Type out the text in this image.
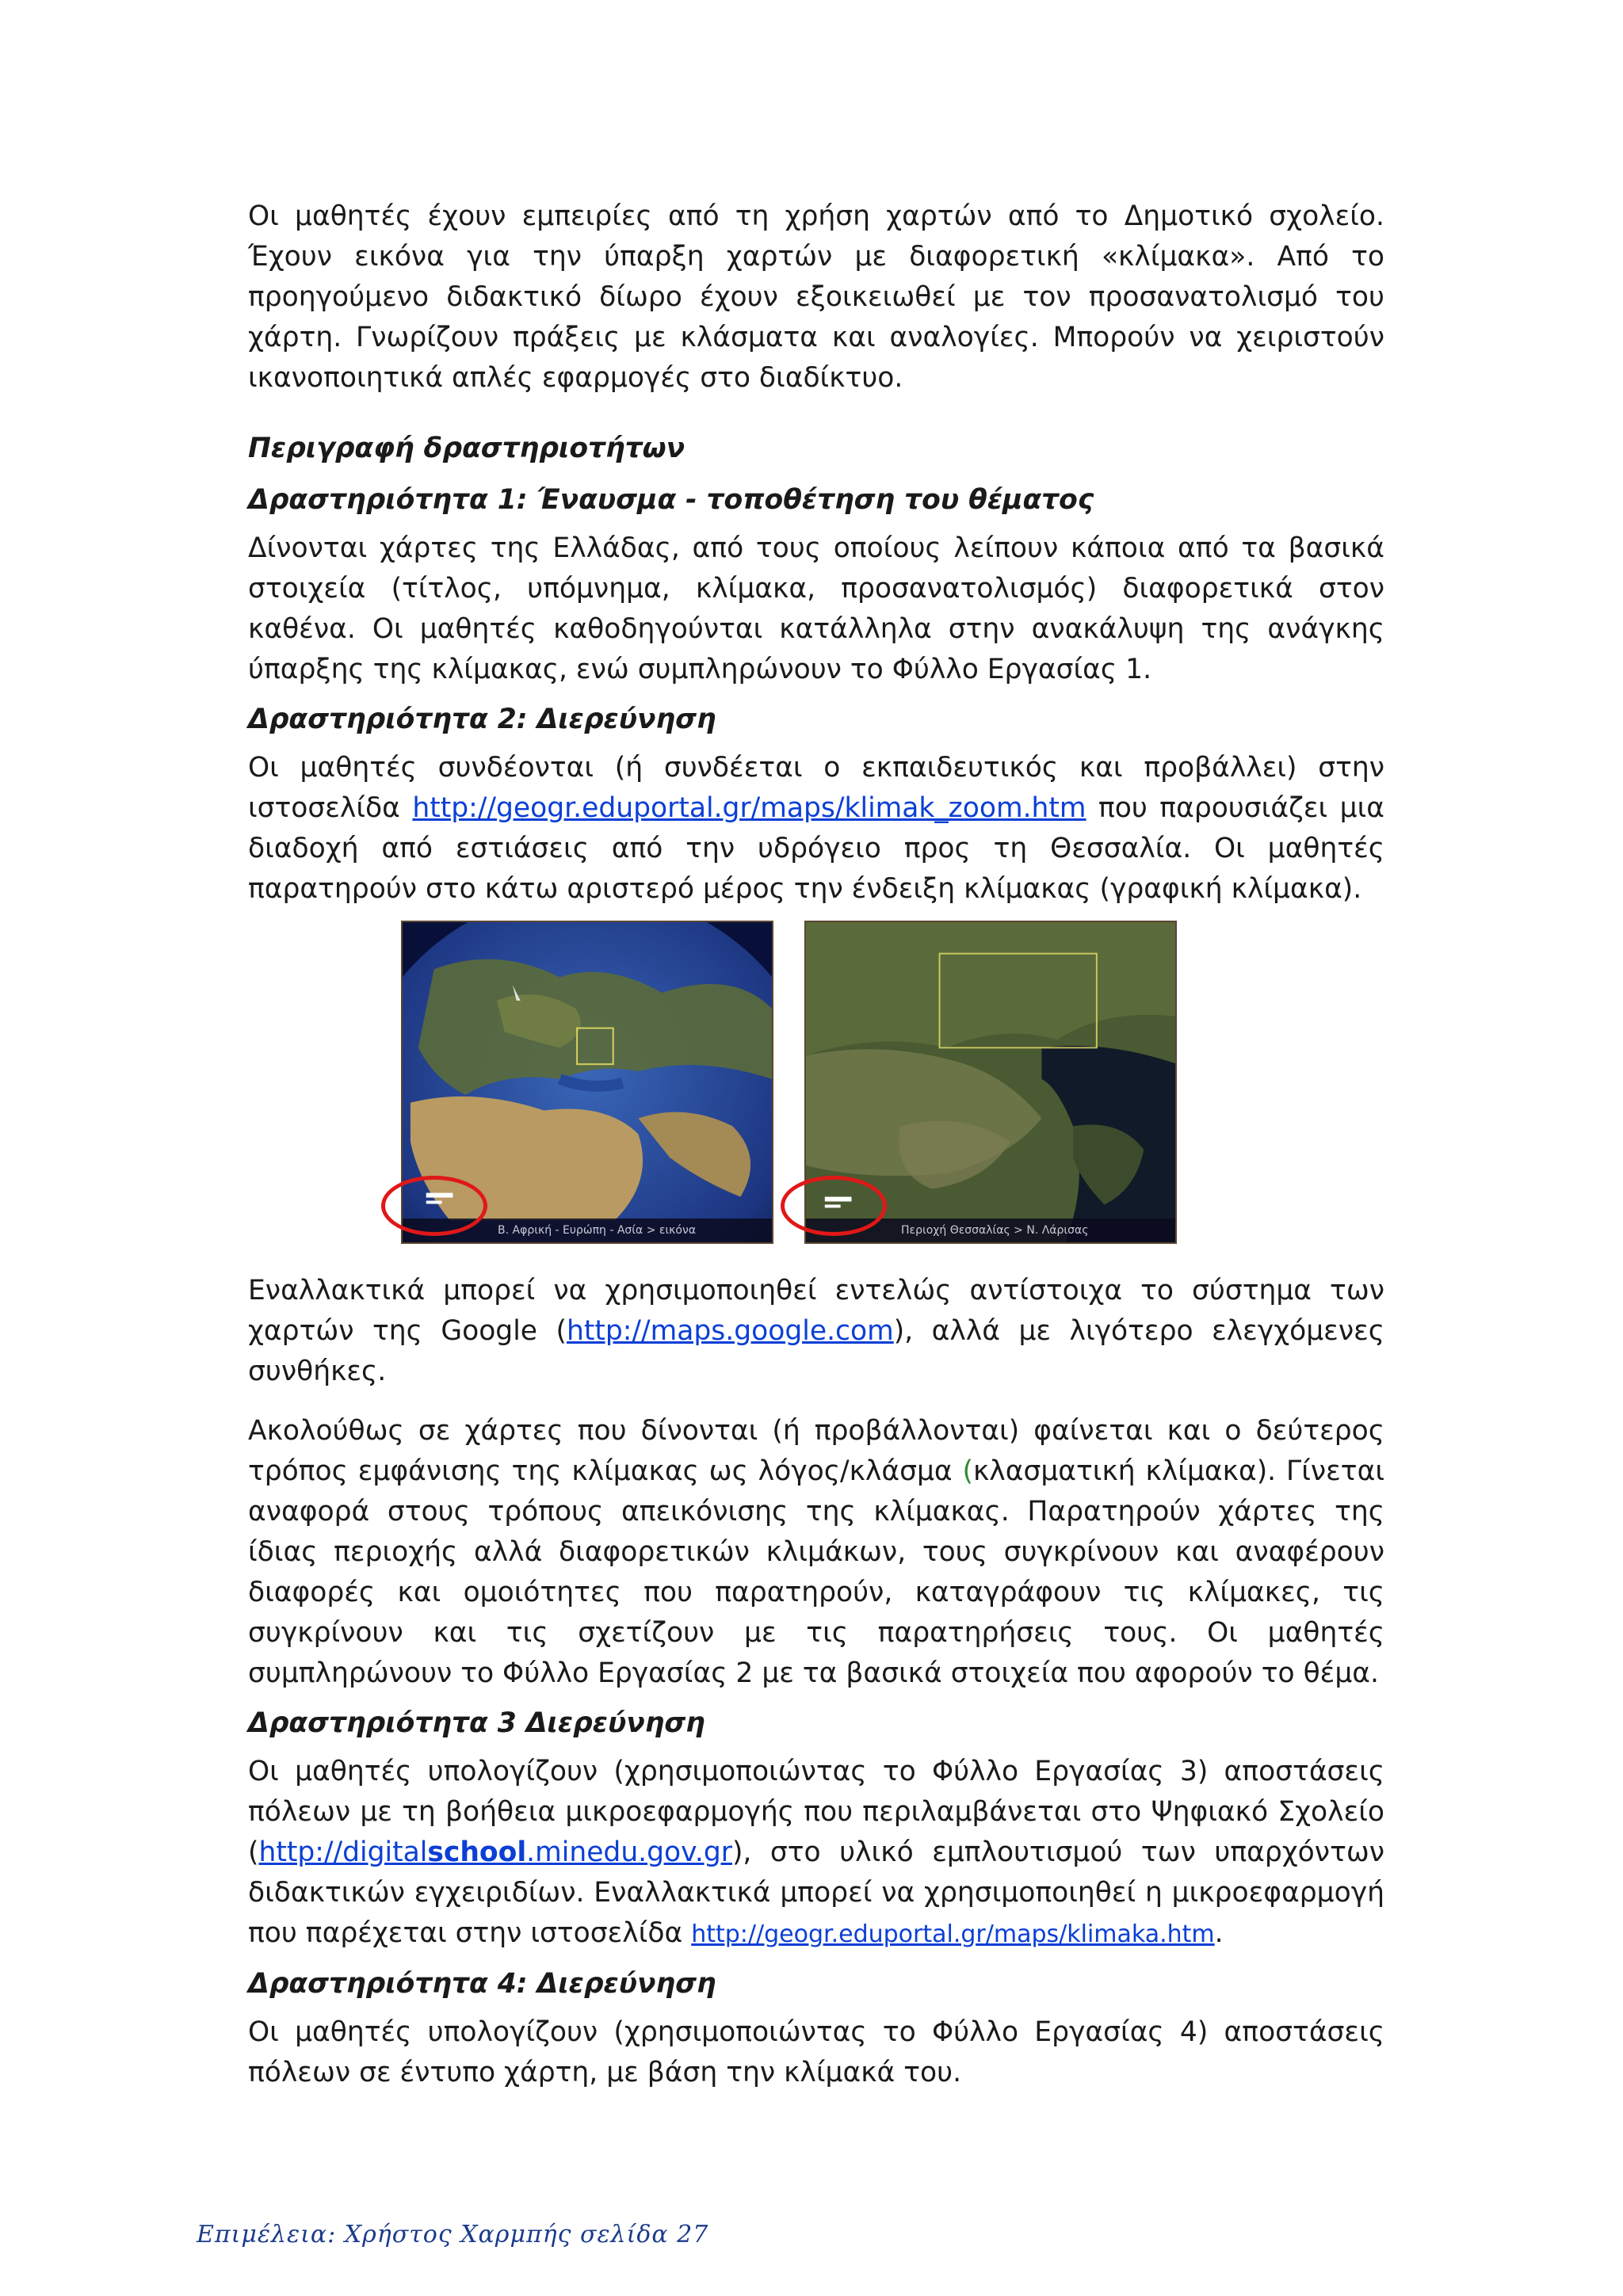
Οι μαθητές έχουν εμπειρίες από τη χρήση χαρτών από το Δημοτικό σχολείο. Έχουν εικόνα για την ύπαρξη χαρτών με διαφορετική «κλίμακα». Από το προηγούμενο διδακτικό δίωρο έχουν εξοικειωθεί με τον προσανατολισμό του χάρτη. Γνωρίζουν πράξεις με κλάσματα και αναλογίες. Μπορούν να χειριστούν ικανοποιητικά απλές εφαρμογές στο διαδίκτυο.

Περιγραφή δραστηριοτήτων

Δραστηριότητα 1: Έναυσμα - τοποθέτηση του θέματος

Δίνονται χάρτες της Ελλάδας, από τους οποίους λείπουν κάποια από τα βασικά στοιχεία (τίτλος, υπόμνημα, κλίμακα, προσανατολισμός) διαφορετικά στον καθένα. Οι μαθητές καθοδηγούνται κατάλληλα στην ανακάλυψη της ανάγκης ύπαρξης της κλίμακας, ενώ συμπληρώνουν το Φύλλο Εργασίας 1.

Δραστηριότητα 2: Διερεύνηση

Οι μαθητές συνδέονται (ή συνδέεται ο εκπαιδευτικός και προβάλλει) στην ιστοσελίδα http://geogr.eduportal.gr/maps/klimak_zoom.htm που παρουσιάζει μια διαδοχή από εστιάσεις από την υδρόγειο προς τη Θεσσαλία. Οι μαθητές παρατηρούν στο κάτω αριστερό μέρος την ένδειξη κλίμακας (γραφική κλίμακα).

Β. Αφρική - Ευρώπη - Ασία > εικόνα	Περιοχή Θεσσαλίας > Ν. Λάρισας

Εναλλακτικά μπορεί να χρησιμοποιηθεί εντελώς αντίστοιχα το σύστημα των χαρτών της Google (http://maps.google.com), αλλά με λιγότερο ελεγχόμενες συνθήκες.

Ακολούθως σε χάρτες που δίνονται (ή προβάλλονται) φαίνεται και ο δεύτερος τρόπος εμφάνισης της κλίμακας ως λόγος/κλάσμα (κλασματική κλίμακα). Γίνεται αναφορά στους τρόπους απεικόνισης της κλίμακας. Παρατηρούν χάρτες της ίδιας περιοχής αλλά διαφορετικών κλιμάκων, τους συγκρίνουν και αναφέρουν διαφορές και ομοιότητες που παρατηρούν, καταγράφουν τις κλίμακες, τις συγκρίνουν και τις σχετίζουν με τις παρατηρήσεις τους. Οι μαθητές συμπληρώνουν το Φύλλο Εργασίας 2 με τα βασικά στοιχεία που αφορούν το θέμα.

Δραστηριότητα 3 Διερεύνηση

Οι μαθητές υπολογίζουν (χρησιμοποιώντας το Φύλλο Εργασίας 3) αποστάσεις πόλεων με τη βοήθεια μικροεφαρμογής που περιλαμβάνεται στο Ψηφιακό Σχολείο (http://digitalschool.minedu.gov.gr), στο υλικό εμπλουτισμού των υπαρχόντων διδακτικών εγχειριδίων. Εναλλακτικά μπορεί να χρησιμοποιηθεί η μικροεφαρμογή που παρέχεται στην ιστοσελίδα http://geogr.eduportal.gr/maps/klimaka.htm.

Δραστηριότητα 4: Διερεύνηση

Οι μαθητές υπολογίζουν (χρησιμοποιώντας το Φύλλο Εργασίας 4) αποστάσεις πόλεων σε έντυπο χάρτη, με βάση την κλίμακά του.

Επιμέλεια: Χρήστος Χαρμπής σελίδα 27
